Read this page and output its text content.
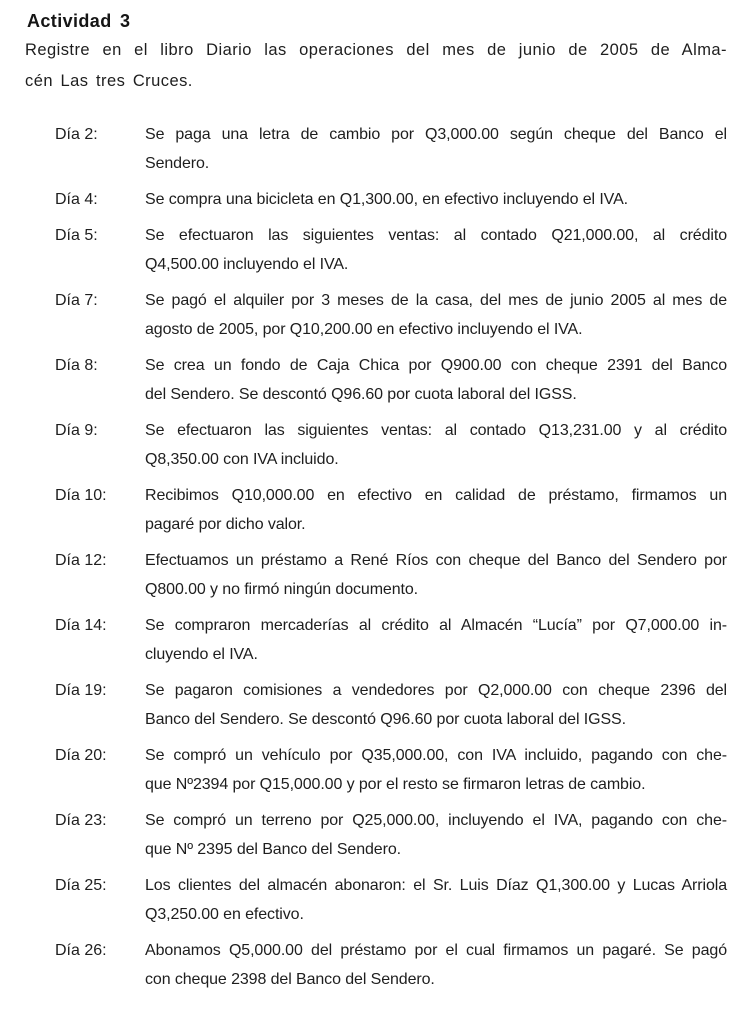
Actividad 3
Registre en el libro Diario las operaciones del mes de junio de 2005 de Alma-
cén Las tres Cruces.
Día 2:	Se paga una letra de cambio por Q3,000.00 según cheque del Banco el
Sendero.
Día 4:	Se compra una bicicleta en Q1,300.00, en efectivo incluyendo el IVA.
Día 5:	Se efectuaron las siguientes ventas: al contado Q21,000.00, al crédito
Q4,500.00 incluyendo el IVA.
Día 7:	Se pagó el alquiler por 3 meses de la casa, del mes de junio 2005 al mes de
agosto de 2005, por Q10,200.00 en efectivo incluyendo el IVA.
Día 8:	Se crea un fondo de Caja Chica por Q900.00 con cheque 2391 del Banco
del Sendero. Se descontó Q96.60 por cuota laboral del IGSS.
Día 9:	Se efectuaron las siguientes ventas: al contado Q13,231.00 y al crédito
Q8,350.00 con IVA incluido.
Día 10:	Recibimos Q10,000.00 en efectivo en calidad de préstamo, firmamos un
pagaré por dicho valor.
Día 12:	Efectuamos un préstamo a René Ríos con cheque del Banco del Sendero por
Q800.00 y no firmó ningún documento.
Día 14:	Se compraron mercaderías al crédito al Almacén “Lucía” por Q7,000.00 in-
cluyendo el IVA.
Día 19:	Se pagaron comisiones a vendedores por Q2,000.00 con cheque 2396 del
Banco del Sendero. Se descontó Q96.60 por cuota laboral del IGSS.
Día 20:	Se compró un vehículo por Q35,000.00, con IVA incluido, pagando con che-
que Nº2394 por Q15,000.00 y por el resto se firmaron letras de cambio.
Día 23:	Se compró un terreno por Q25,000.00, incluyendo el IVA, pagando con che-
que Nº 2395 del Banco del Sendero.
Día 25:	Los clientes del almacén abonaron: el Sr. Luis Díaz Q1,300.00 y Lucas Arriola
Q3,250.00 en efectivo.
Día 26:	Abonamos Q5,000.00 del préstamo por el cual firmamos un pagaré. Se pagó
con cheque 2398 del Banco del Sendero.
